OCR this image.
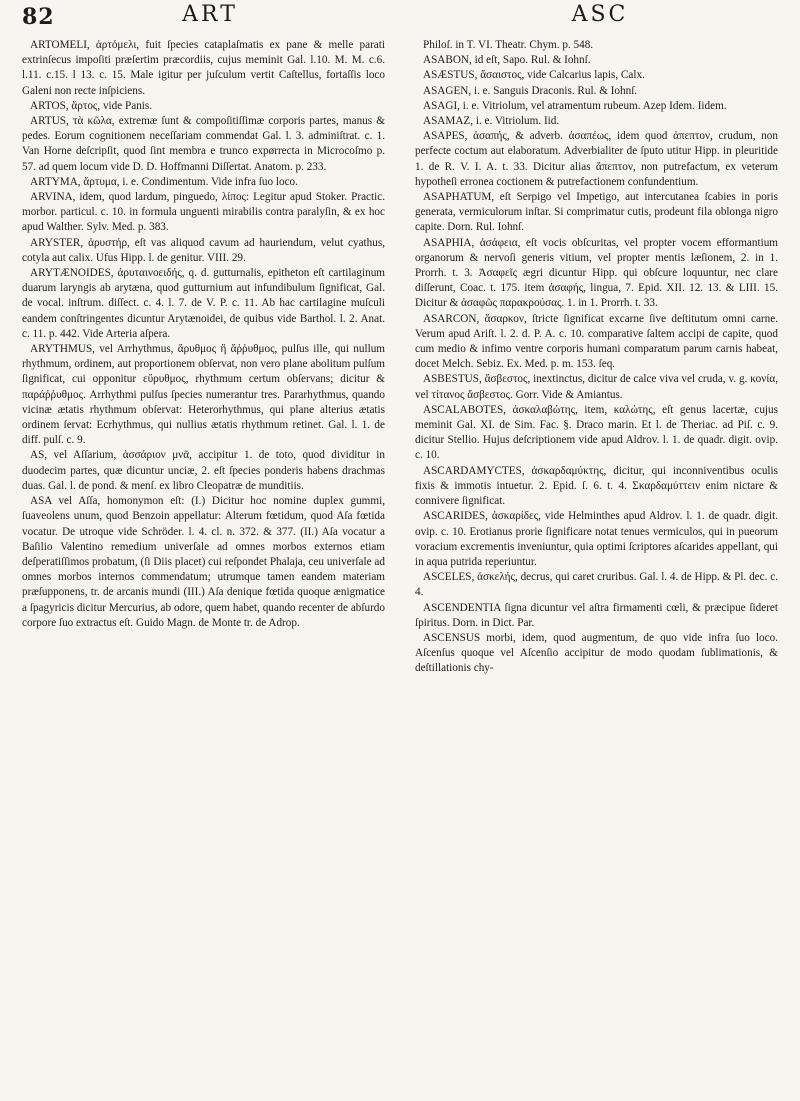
82	ART	ASC

ARTOMELI, ἀρτόμελι, fuit ſpecies cataplaſmatis ex pane & melle parati extrinſecus impoſiti præſertim præcordiis, cujus meminit Gal. l.10. M. M. c.6. l.11. c.15. l 13. c. 15. Male igitur per juſculum vertit Caſtellus, fortaſſis loco Galeni non recte inſpiciens.

ARTOS, ἄρτος, vide Panis.

ARTUS, τὰ κῶλα, extremæ ſunt & compoſitiſſimæ corporis partes, manus & pedes. Eorum cognitionem neceſſariam commendat Gal. l. 3. adminiſtrat. c. 1. Van Horne deſcripſit, quod ſint membra e trunco expørrecta in Microcoſmo p. 57. ad quem locum vide D. D. Hoffmanni Diſſertat. Anatom. p. 233.

ARTYMA, ἄρτυμα, i. e. Condimentum. Vide infra ſuo loco.

ARVINA, idem, quod lardum, pinguedo, λίπος: Legitur apud Stoker. Practic. morbor. particul. c. 10. in formula unguenti mirabilis contra paralyſin, & ex hoc apud Walther. Sylv. Med. p. 383.

ARYSTER, ἀρυστήρ, eſt vas aliquod cavum ad hauriendum, velut cyathus, cotyla aut calix. Ufus Hipp. l. de genitur. VIII. 29.

ARYTÆNOIDES, ἀρυταινοειδής, q. d. gutturnalis, epitheton eſt cartilaginum duarum laryngis ab arytæna, quod gutturnium aut infundibulum ſignificat, Gal. de vocal. inſtrum. diſſect. c. 4. l. 7. de V. P. c. 11. Ab hac cartilagine muſculi eandem conſtringentes dicuntur Arytænoidei, de quibus vide Barthol. l. 2. Anat. c. 11. p. 442. Vide Arteria aſpera.

ARYTHMUS, vel Arrhythmus, ἄρυθμος ἢ ἄῤῥυθμος, pulſus ille, qui nullum rhythmum, ordinem, aut proportionem obſervat, non vero plane abolitum pulſum ſignificat, cui opponitur εὔρυθμος, rhythmum certum obſervans; dicitur & παράῤῥυθμος. Arrhythmi pulſus ſpecies numerantur tres. Pararhythmus, quando vicinæ ætatis rhythmum obſervat: Heterorhythmus, qui plane alterius ætatis ordinem ſervat: Ecrhythmus, qui nullius ætatis rhythmum retinet. Gal. l. 1. de diff. pulſ. c. 9.

AS, vel Aſſarium, ἀσσάριον μνᾶ, accipitur 1. de toto, quod dividitur in duodecim partes, quæ dicuntur unciæ, 2. eſt ſpecies ponderis habens drachmas duas. Gal. l. de pond. & menſ. ex libro Cleopatræ de munditiis.

ASA vel Aſſa, homonymon eſt: (I.) Dicitur hoc nomine duplex gummi, ſuaveolens unum, quod Benzoin appellatur: Alterum fœtidum, quod Aſa fœtida vocatur. De utroque vide Schröder. l. 4. cl. n. 372. & 377. (II.) Aſa vocatur a Baſilio Valentino remedium univerſale ad omnes morbos externos etiam deſperatiſſimos probatum, (ſi Diis placet) cui reſpondet Phalaja, ceu univerſale ad omnes morbos internos commendatum; utrumque tamen eandem materiam præſupponens, tr. de arcanis mundi (III.) Aſa denique fœtida quoque ænigmatice a ſpagyricis dicitur Mercurius, ab odore, quem habet, quando recenter de abſurdo corpore ſuo extractus eſt. Guido Magn. de Monte tr. de Adrop.

Philoſ. in T. VI. Theatr. Chym. p. 548.

ASABON, id eſt, Sapo. Rul. & Iohnſ.

ASÆSTUS, ἄσαιστος, vide Calcarius lapis, Calx.

ASAGEN, i. e. Sanguis Draconis. Rul. & Iohnſ.

ASAGI, i. e. Vitriolum, vel atramentum rubeum. Azep Idem. Iidem.

ASAMAZ, i. e. Vitriolum. Iid.

ASAPES, ἀσαπής, & adverb. ἀσαπέως, idem quod ἀπεπτον, crudum, non perfecte coctum aut elaboratum. Adverbialiter de ſputo utitur Hipp. in pleuritide 1. de R. V. I. A. t. 33. Dicitur alias ἄπεπτον, non putrefactum, ex veterum hypotheſi erronea coctionem & putrefactionem confundentium.

ASAPHATUM, eſt Serpigo vel Impetigo, aut intercutanea ſcabies in poris generata, vermiculorum inſtar. Si comprimatur cutis, prodeunt fila oblonga nigro capite. Dorn. Rul. Iohnſ.

ASAPHIA, ἀσάφεια, eſt vocis obſcuritas, vel propter vocem efformantium organorum & nervoſi generis vitium, vel propter mentis læſionem, 2. in 1. Prorrh. t. 3. Ἀσαφεῖς ægri dicuntur Hipp. qui obſcure loquuntur, nec clare diſſerunt, Coac. t. 175. item ἀσαφής, lingua, 7. Epid. XII. 12. 13. & LIII. 15. Dicitur & ἀσαφῶς παρακρούσας. 1. in 1. Prorrh. t. 33.

ASARCON, ἄσαρκον, ſtricte ſignificat excarne ſive deſtitutum omni carne. Verum apud Ariſt. l. 2. d. P. A. c. 10. comparative ſaltem accipi de capite, quod cum medio & infimo ventre corporis humani comparatum parum carnis habeat, docet Melch. Sebiz. Ex. Med. p. m. 153. ſeq.

ASBESTUS, ἄσβεστος, inextinctus, dicitur de calce viva vel cruda, v. g. κονία, vel τίτανος ἄσβεστος. Gorr. Vide & Amiantus.

ASCALABOTES, ἀσκαλαβώτης, item, καλώτης, eſt genus lacertæ, cujus meminit Gal. XI. de Sim. Fac. §. Draco marin. Et l. de Theriac. ad Piſ. c. 9. dicitur Stellio. Hujus deſcriptionem vide apud Aldrov. l. 1. de quadr. digit. ovip. c. 10.

ASCARDAMYCTES, ἀσκαρδαμύκτης, dicitur, qui inconniventibus oculis fixis & immotis intuetur. 2. Epid. ſ. 6. t. 4. Σκαρδαμύττειν enim nictare & connivere ſignificat.

ASCARIDES, ἀσκαρίδες, vide Helminthes apud Aldrov. l. 1. de quadr. digit. ovip. c. 10. Erotianus prorie ſignificare notat tenues vermiculos, qui in pueorum voracium excrementis inveniuntur, quia optimi ſcriptores aſcarides appellant, qui in aqua putrida reperiuntur.

ASCELES, ἀσκελής, decrus, qui caret cruribus. Gal. l. 4. de Hipp. & Pl. dec. c. 4.

ASCENDENTIA ſigna dicuntur vel aſtra firmamenti cœli, & præcipue ſideret ſpiritus. Dorn. in Dict. Par.

ASCENSUS morbi, idem, quod augmentum, de quo vide infra ſuo loco. Aſcenſus quoque vel Aſcenſio accipitur de modo quodam ſublimationis, & deſtillationis chy-
